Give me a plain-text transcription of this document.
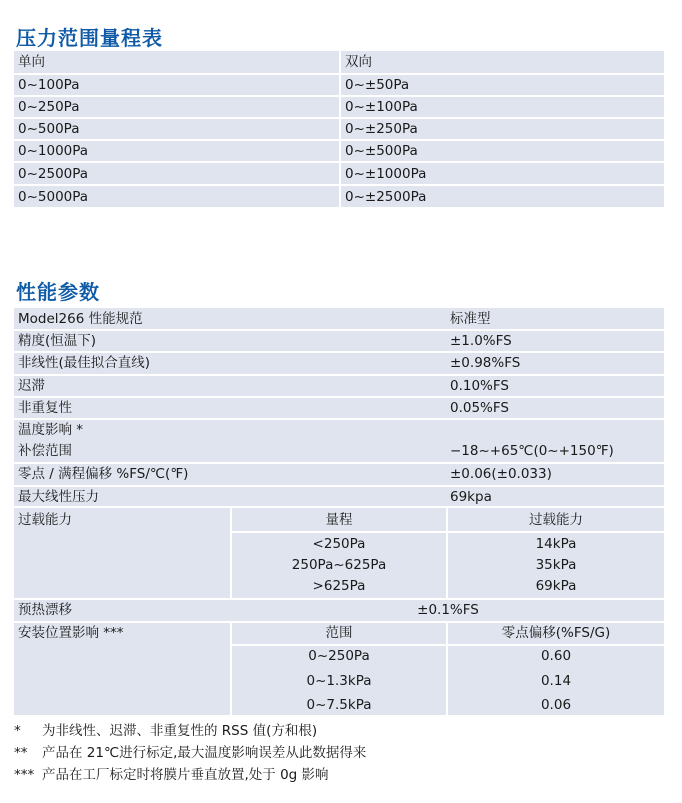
压力范围量程表
单向	双向
0~100Pa	0~±50Pa
0~250Pa	0~±100Pa
0~500Pa	0~±250Pa
0~1000Pa	0~±500Pa
0~2500Pa	0~±1000Pa
0~5000Pa	0~±2500Pa
性能参数
Model266 性能规范	标准型
精度(恒温下)	±1.0%FS
非线性(最佳拟合直线)	±0.98%FS
迟滞	0.10%FS
非重复性	0.05%FS
温度影响 *
补偿范围	−18~+65℃(0~+150℉)
零点 / 满程偏移 %FS/℃(℉)	±0.06(±0.033)
最大线性压力	69kpa
过载能力	量程	过载能力
<250Pa	14kPa
250Pa~625Pa	35kPa
>625Pa	69kPa
预热漂移	±0.1%FS
安装位置影响 ***	范围	零点偏移(%FS/G)
0~250Pa	0.60
0~1.3kPa	0.14
0~7.5kPa	0.06
* 为非线性、迟滞、非重复性的 RSS 值(方和根)
** 产品在 21℃进行标定,最大温度影响误差从此数据得来
*** 产品在工厂标定时将膜片垂直放置,处于 0g 影响
